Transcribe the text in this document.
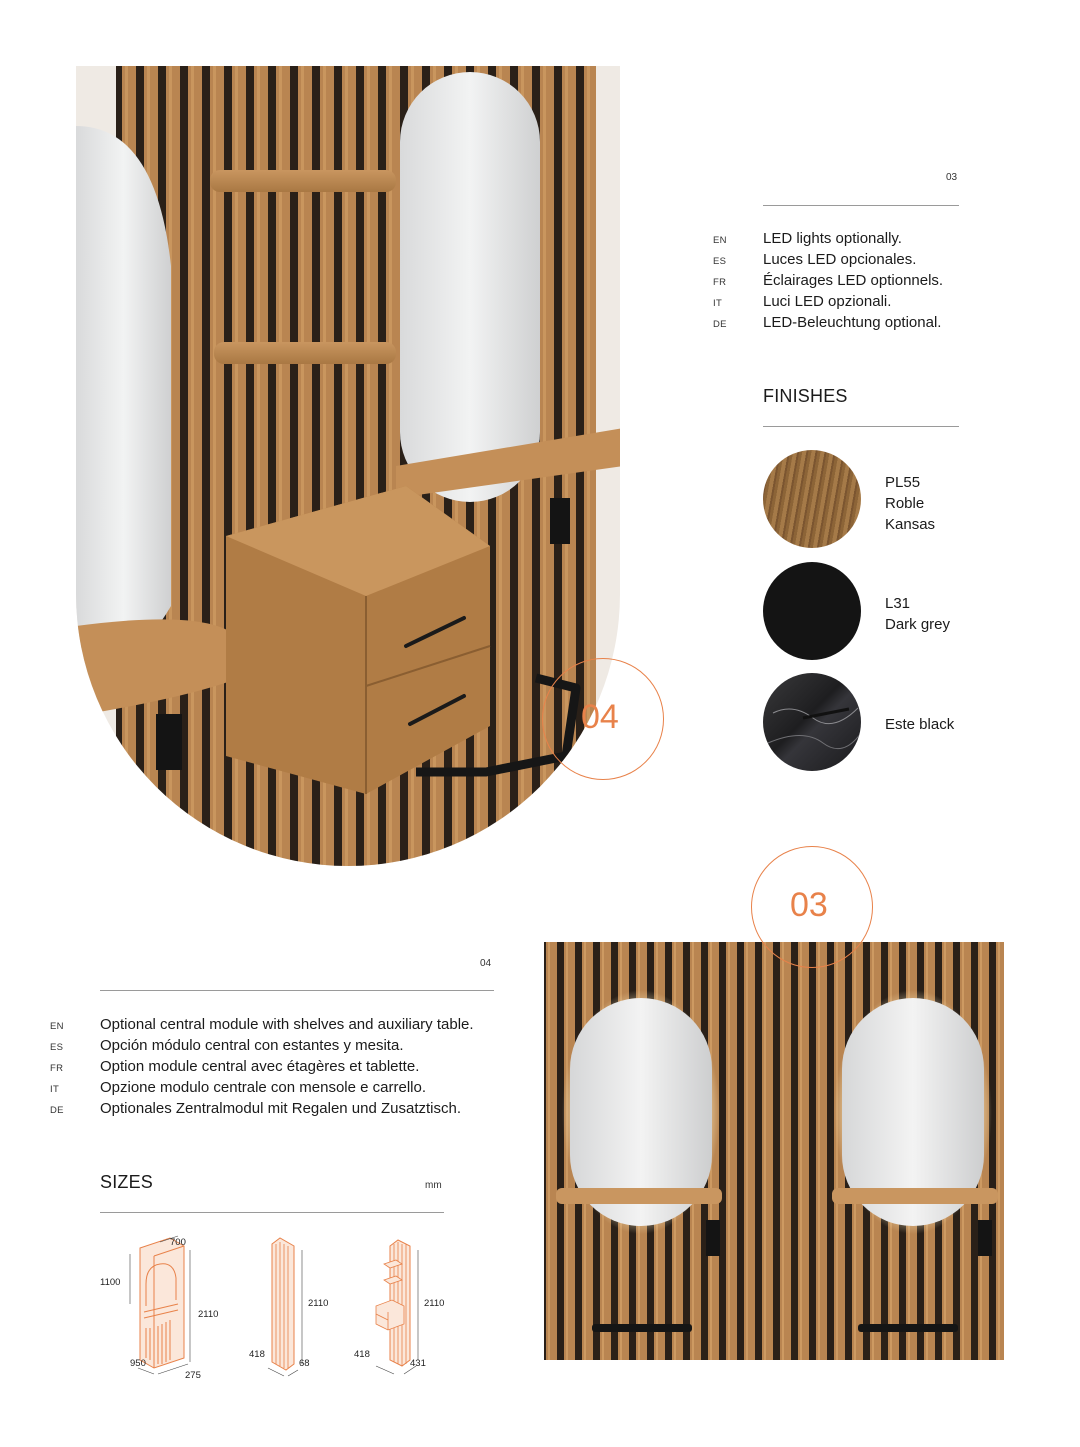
04
03
EN	LED lights optionally.
ES	Luces LED opcionales.
FR	Éclairages LED optionnels.
IT	Luci LED opzionali.
DE	LED-Beleuchtung optional.
FINISHES
PL55
Roble
Kansas
L31
Dark grey
Este black
03
04
EN	Optional central module with shelves and auxiliary table.
ES	Opción módulo central con estantes y mesita.
FR	Option module central avec étagères et tablette.
IT	Opzione modulo centrale con mensole e carrello.
DE	Optionales Zentralmodul mit Regalen und Zusatztisch.
SIZES	mm
700
1100
2110
950
275
2110
418
68
2110
418
431
